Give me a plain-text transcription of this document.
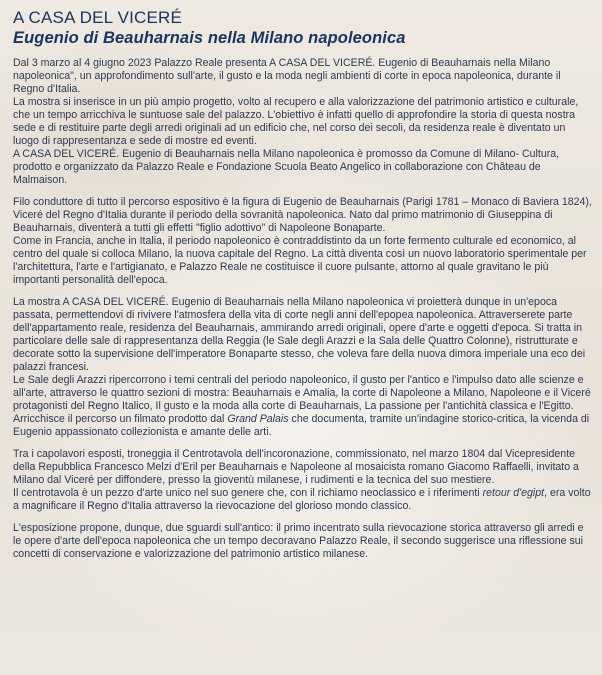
A CASA DEL VICERÉ
Eugenio di Beauharnais nella Milano napoleonica

Dal 3 marzo al 4 giugno 2023 Palazzo Reale presenta A CASA DEL VICERÉ. Eugenio di Beauharnais nella Milano napoleonica", un approfondimento sull'arte, il gusto e la moda negli ambienti di corte in epoca napoleonica, durante il Regno d'Italia.

La mostra si inserisce in un più ampio progetto, volto al recupero e alla valorizzazione del patrimonio artistico e culturale, che un tempo arricchiva le suntuose sale del palazzo. L'obiettivo è infatti quello di approfondire la storia di questa nostra sede e di restituire parte degli arredi originali ad un edificio che, nel corso dei secoli, da residenza reale è diventato un luogo di rappresentanza e sede di mostre ed eventi.

A CASA DEL VICERÉ. Eugenio di Beauharnais nella Milano napoleonica è promosso da Comune di Milano- Cultura, prodotto e organizzato da Palazzo Reale e Fondazione Scuola Beato Angelico in collaborazione con Château de Malmaison.

Filo conduttore di tutto il percorso espositivo è la figura di Eugenio de Beauharnais (Parigi 1781 – Monaco di Baviera 1824), Viceré del Regno d'Italia durante il periodo della sovranità napoleonica. Nato dal primo matrimonio di Giuseppina di Beauharnais, diventerà a tutti gli effetti "figlio adottivo" di Napoleone Bonaparte.

Come in Francia, anche in Italia, il periodo napoleonico è contraddistinto da un forte fermento culturale ed economico, al centro del quale si colloca Milano, la nuova capitale del Regno. La città diventa così un nuovo laboratorio sperimentale per l'architettura, l'arte e l'artigianato, e Palazzo Reale ne costituisce il cuore pulsante, attorno al quale gravitano le più importanti personalità dell'epoca.

La mostra A CASA DEL VICERÉ. Eugenio di Beauharnais nella Milano napoleonica vi proietterà dunque in un'epoca passata, permettendovi di rivivere l'atmosfera della vita di corte negli anni dell'epopea napoleonica. Attraverserete parte dell'appartamento reale, residenza del Beauharnais, ammirando arredi originali, opere d'arte e oggetti d'epoca. Si tratta in particolare delle sale di rappresentanza della Reggia (le Sale degli Arazzi e la Sala delle Quattro Colonne), ristrutturate e decorate sotto la supervisione dell'imperatore Bonaparte stesso, che voleva fare della nuova dimora imperiale una eco dei palazzi francesi.

Le Sale degli Arazzi ripercorrono i temi centrali del periodo napoleonico, il gusto per l'antico e l'impulso dato alle scienze e all'arte, attraverso le quattro sezioni di mostra: Beauharnais e Amalia, la corte di Napoleone a Milano, Napoleone e il Viceré protagonisti del Regno Italico, Il gusto e la moda alla corte di Beauharnais, La passione per l'antichità classica e l'Egitto.

Arricchisce il percorso un filmato prodotto dal Grand Palais che documenta, tramite un'indagine storico-critica, la vicenda di Eugenio appassionato collezionista e amante delle arti.

Tra i capolavori esposti, troneggia il Centrotavola dell'incoronazione, commissionato, nel marzo 1804 dal Vicepresidente della Repubblica Francesco Melzi d'Eril per Beauharnais e Napoleone al mosaicista romano Giacomo Raffaelli, invitato a Milano dal Viceré per diffondere, presso la gioventù milanese, i rudimenti e la tecnica del suo mestiere.

Il centrotavola è un pezzo d'arte unico nel suo genere che, con il richiamo neoclassico e i riferimenti retour d'egipt, era volto a magnificare il Regno d'Italia attraverso la rievocazione del glorioso mondo classico.

L'esposizione propone, dunque, due sguardi sull'antico: il primo incentrato sulla rievocazione storica attraverso gli arredi e le opere d'arte dell'epoca napoleonica che un tempo decoravano Palazzo Reale, il secondo suggerisce una riflessione sui concetti di conservazione e valorizzazione del patrimonio artistico milanese.
